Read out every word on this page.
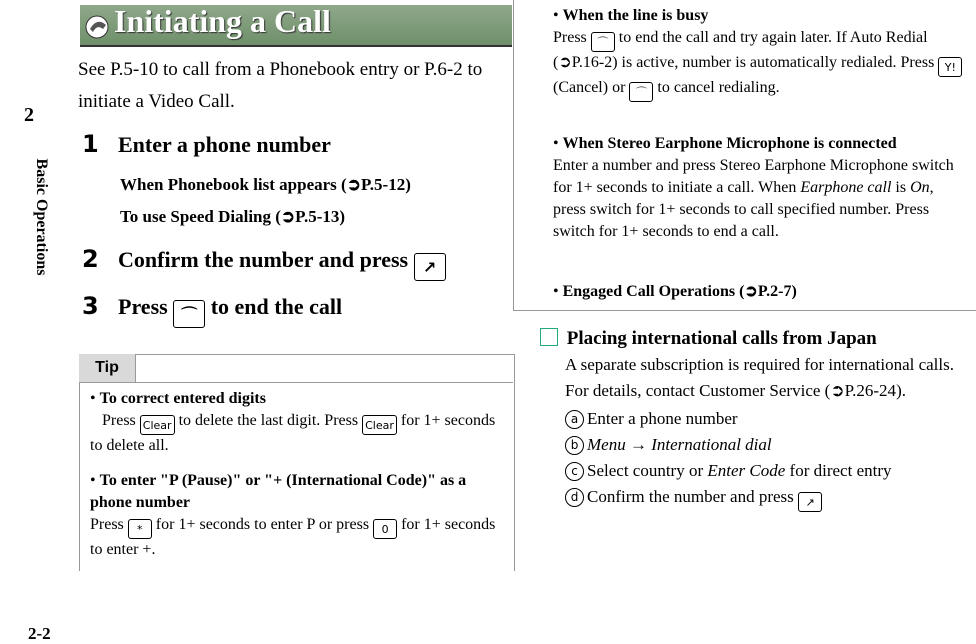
2
Basic Operations
2-2
Initiating a Call
See P.5-10 to call from a Phonebook entry or P.6-2 to initiate a Video Call.
1 Enter a phone number
When Phonebook list appears (➲P.5-12)
To use Speed Dialing (➲P.5-13)
2 Confirm the number and press ↗
3 Press ⌒ to end the call
Tip
• To correct entered digits
Press Clear to delete the last digit. Press Clear for 1+ seconds to delete all.
• To enter "P (Pause)" or "+ (International Code)" as a phone number
Press * for 1+ seconds to enter P or press 0 for 1+ seconds to enter +.
• When the line is busy
Press ⌒ to end the call and try again later. If Auto Redial (➲P.16-2) is active, number is automatically redialed. Press Y! (Cancel) or ⌒ to cancel redialing.
• When Stereo Earphone Microphone is connected
Enter a number and press Stereo Earphone Microphone switch for 1+ seconds to initiate a call. When Earphone call is On, press switch for 1+ seconds to call specified number. Press switch for 1+ seconds to end a call.
• Engaged Call Operations (➲P.2-7)
Placing international calls from Japan
A separate subscription is required for international calls.
For details, contact Customer Service (➲P.26-24).
a Enter a phone number
b Menu → International dial
c Select country or Enter Code for direct entry
d Confirm the number and press ↗
